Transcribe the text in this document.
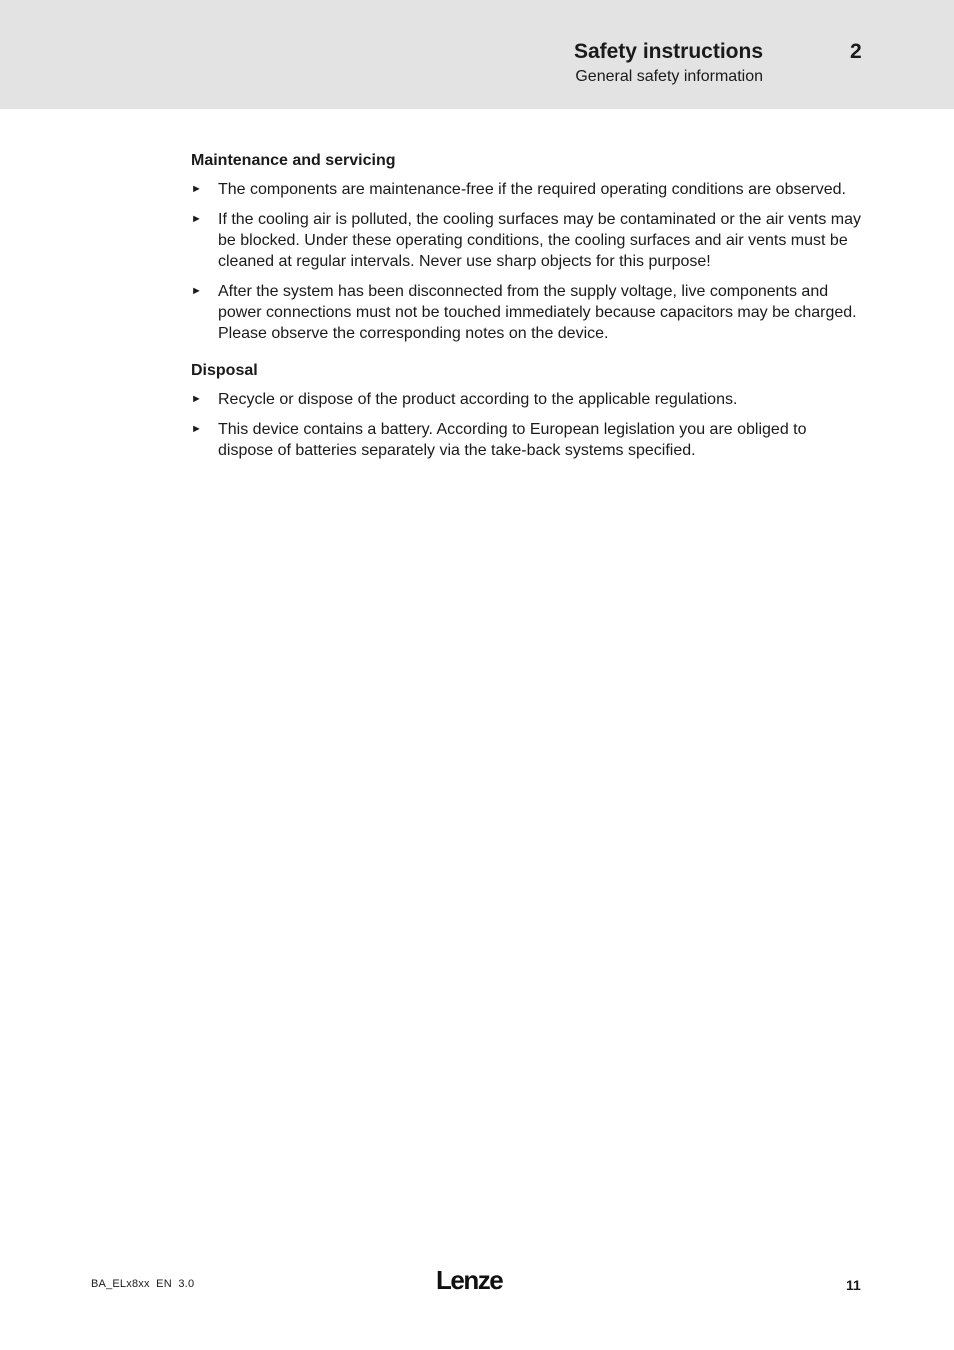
Safety instructions	2
General safety information
Maintenance and servicing
► The components are maintenance-free if the required operating conditions are observed.
► If the cooling air is polluted, the cooling surfaces may be contaminated or the air vents may be blocked. Under these operating conditions, the cooling surfaces and air vents must be cleaned at regular intervals. Never use sharp objects for this purpose!
► After the system has been disconnected from the supply voltage, live components and power connections must not be touched immediately because capacitors may be charged. Please observe the corresponding notes on the device.
Disposal
► Recycle or dispose of the product according to the applicable regulations.
► This device contains a battery. According to European legislation you are obliged to dispose of batteries separately via the take-back systems specified.
BA_ELx8xx  EN  3.0	Lenze	11
